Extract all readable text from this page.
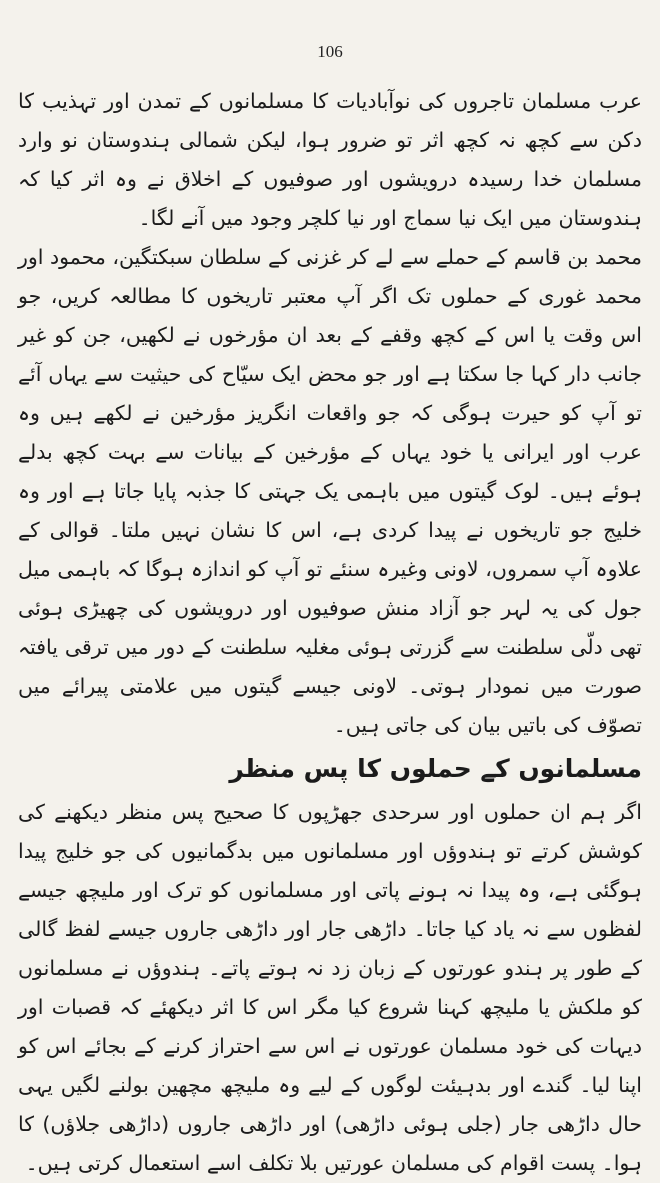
106

عرب مسلمان تاجروں کی نوآبادیات کا مسلمانوں کے تمدن اور تہذیب کا دکن سے کچھ نہ کچھ اثر تو ضرور ہوا، لیکن شمالی ہندوستان نو وارد مسلمان خدا رسیدہ درویشوں اور صوفیوں کے اخلاق نے وہ اثر کیا کہ ہندوستان میں ایک نیا سماج اور نیا کلچر وجود میں آنے لگا۔

محمد بن قاسم کے حملے سے لے کر غزنی کے سلطان سبکتگین، محمود اور محمد غوری کے حملوں تک اگر آپ معتبر تاریخوں کا مطالعہ کریں، جو اس وقت یا اس کے کچھ وقفے کے بعد ان مؤرخوں نے لکھیں، جن کو غیر جانب دار کہا جا سکتا ہے اور جو محض ایک سیّاح کی حیثیت سے یہاں آئے تو آپ کو حیرت ہوگی کہ جو واقعات انگریز مؤرخین نے لکھے ہیں وہ عرب اور ایرانی یا خود یہاں کے مؤرخین کے بیانات سے بہت کچھ بدلے ہوئے ہیں۔ لوک گیتوں میں باہمی یک جہتی کا جذبہ پایا جاتا ہے اور وہ خلیج جو تاریخوں نے پیدا کردی ہے، اس کا نشان نہیں ملتا۔ قوالی کے علاوہ آپ سمروں، لاونی وغیرہ سنئے تو آپ کو اندازہ ہوگا کہ باہمی میل جول کی یہ لہر جو آزاد منش صوفیوں اور درویشوں کی چھیڑی ہوئی تھی دلّی سلطنت سے گزرتی ہوئی مغلیہ سلطنت کے دور میں ترقی یافتہ صورت میں نمودار ہوتی۔ لاونی جیسے گیتوں میں علامتی پیرائے میں تصوّف کی باتیں بیان کی جاتی ہیں۔

مسلمانوں کے حملوں کا پس منظر

اگر ہم ان حملوں اور سرحدی جھڑپوں کا صحیح پس منظر دیکھنے کی کوشش کرتے تو ہندوؤں اور مسلمانوں میں بدگمانیوں کی جو خلیج پیدا ہوگئی ہے، وہ پیدا نہ ہونے پاتی اور مسلمانوں کو ترک اور ملیچھ جیسے لفظوں سے نہ یاد کیا جاتا۔ داڑھی جار اور داڑھی جاروں جیسے لفظ گالی کے طور پر ہندو عورتوں کے زبان زد نہ ہوتے پاتے۔ ہندوؤں نے مسلمانوں کو ملکش یا ملیچھ کہنا شروع کیا مگر اس کا اثر دیکھئے کہ قصبات اور دیہات کی خود مسلمان عورتوں نے اس سے احتراز کرنے کے بجائے اس کو اپنا لیا۔ گندے اور بدہیئت لوگوں کے لیے وہ ملیچھ مچھین بولنے لگیں یہی حال داڑھی جار (جلی ہوئی داڑھی) اور داڑھی جاروں (داڑھی جلاؤں) کا ہوا۔ پست اقوام کی مسلمان عورتیں بلا تکلف اسے استعمال کرتی ہیں۔
